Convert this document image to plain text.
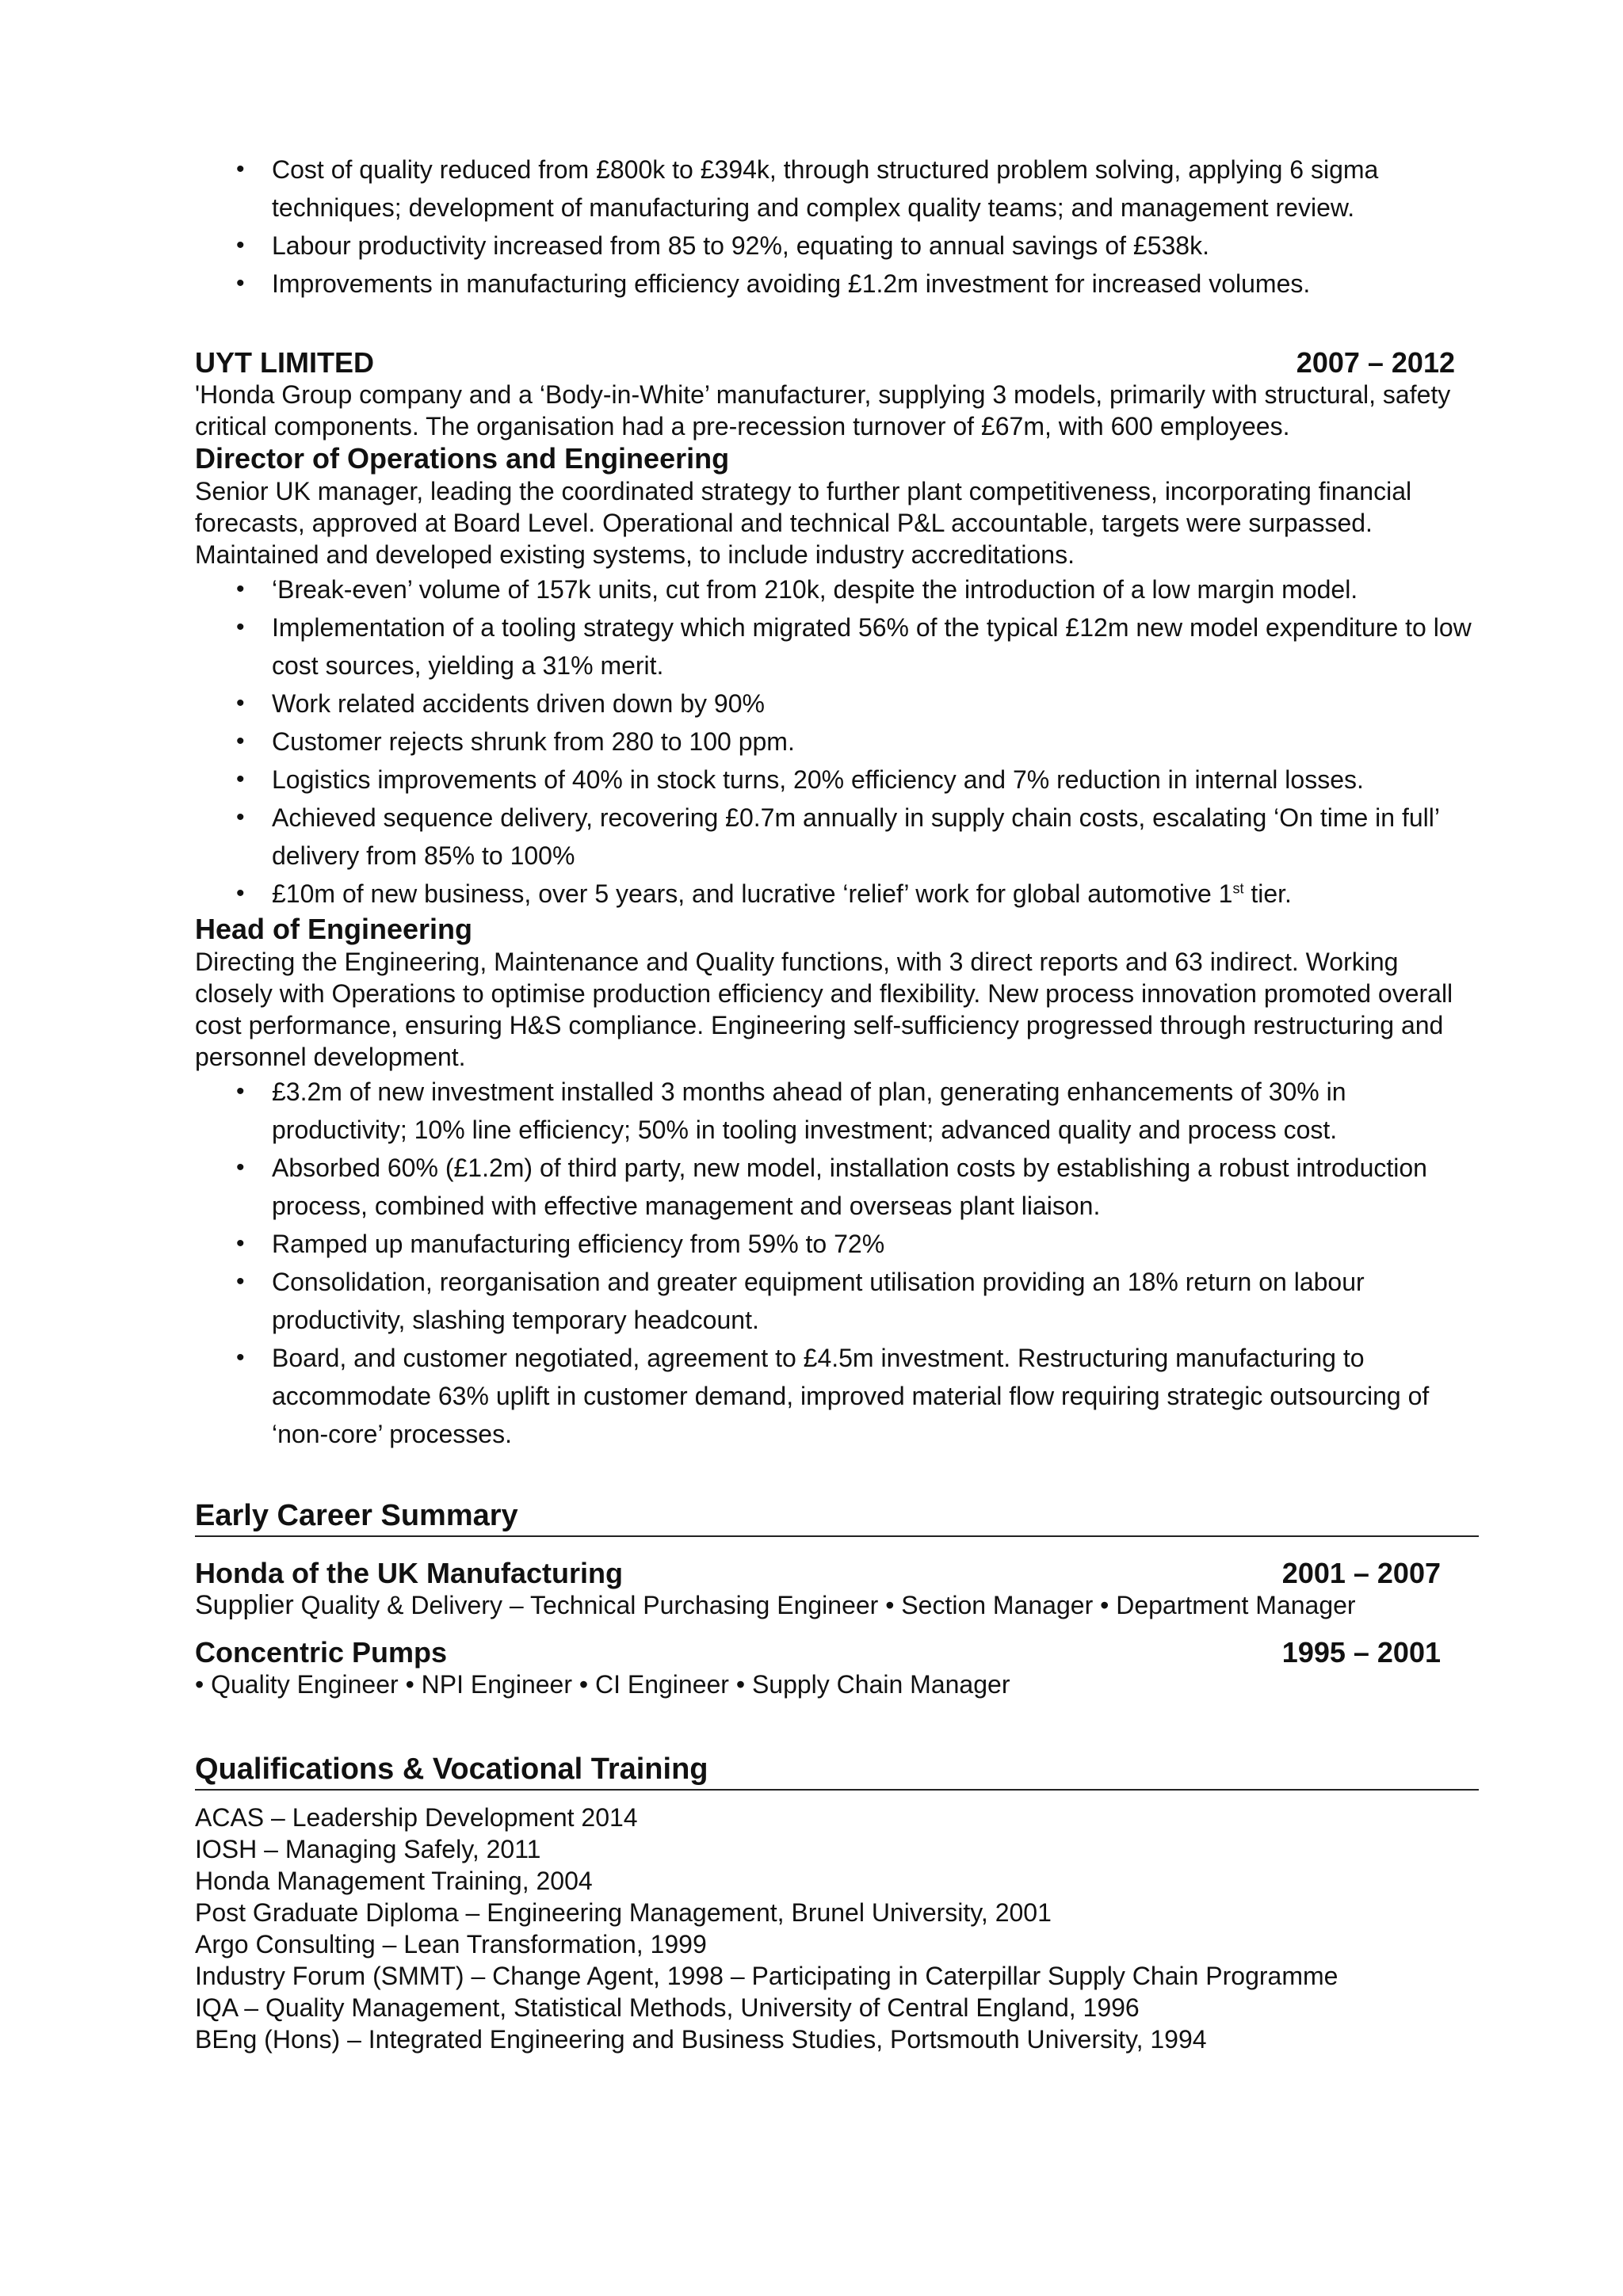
• Cost of quality reduced from £800k to £394k, through structured problem solving, applying 6 sigma techniques; development of manufacturing and complex quality teams; and management review.
• Labour productivity increased from 85 to 92%, equating to annual savings of £538k.
• Improvements in manufacturing efficiency avoiding £1.2m investment for increased volumes.
UYT LIMITED	2007 – 2012

'Honda Group company and a ‘Body-in-White’ manufacturer, supplying 3 models, primarily with structural, safety critical components. The organisation had a pre-recession turnover of £67m, with 600 employees.

Director of Operations and Engineering

Senior UK manager, leading the coordinated strategy to further plant competitiveness, incorporating financial forecasts, approved at Board Level. Operational and technical P&L accountable, targets were surpassed. Maintained and developed existing systems, to include industry accreditations.

• ‘Break-even’ volume of 157k units, cut from 210k, despite the introduction of a low margin model.
• Implementation of a tooling strategy which migrated 56% of the typical £12m new model expenditure to low cost sources, yielding a 31% merit.
• Work related accidents driven down by 90%
• Customer rejects shrunk from 280 to 100 ppm.
• Logistics improvements of 40% in stock turns, 20% efficiency and 7% reduction in internal losses.
• Achieved sequence delivery, recovering £0.7m annually in supply chain costs, escalating ‘On time in full’ delivery from 85% to 100%
• £10m of new business, over 5 years, and lucrative ‘relief’ work for global automotive 1st tier.

Head of Engineering

Directing the Engineering, Maintenance and Quality functions, with 3 direct reports and 63 indirect. Working closely with Operations to optimise production efficiency and flexibility. New process innovation promoted overall cost performance, ensuring H&S compliance. Engineering self-sufficiency progressed through restructuring and personnel development.

• £3.2m of new investment installed 3 months ahead of plan, generating enhancements of 30% in productivity; 10% line efficiency; 50% in tooling investment; advanced quality and process cost.
• Absorbed 60% (£1.2m) of third party, new model, installation costs by establishing a robust introduction process, combined with effective management and overseas plant liaison.
• Ramped up manufacturing efficiency from 59% to 72%
• Consolidation, reorganisation and greater equipment utilisation providing an 18% return on labour productivity, slashing temporary headcount.
• Board, and customer negotiated, agreement to £4.5m investment. Restructuring manufacturing to accommodate 63% uplift in customer demand, improved material flow requiring strategic outsourcing of ‘non-core’ processes.
Early Career Summary
Honda of the UK Manufacturing	2001 – 2007

Supplier Quality & Delivery – Technical Purchasing Engineer • Section Manager • Department Manager

Concentric Pumps	1995 – 2001

• Quality Engineer • NPI Engineer • CI Engineer • Supply Chain Manager

Qualifications & Vocational Training

ACAS – Leadership Development 2014

IOSH – Managing Safely, 2011

Honda Management Training, 2004

Post Graduate Diploma – Engineering Management, Brunel University, 2001

Argo Consulting – Lean Transformation, 1999

Industry Forum (SMMT) – Change Agent, 1998 – Participating in Caterpillar Supply Chain Programme

IQA – Quality Management, Statistical Methods, University of Central England, 1996

BEng (Hons) – Integrated Engineering and Business Studies, Portsmouth University, 1994
